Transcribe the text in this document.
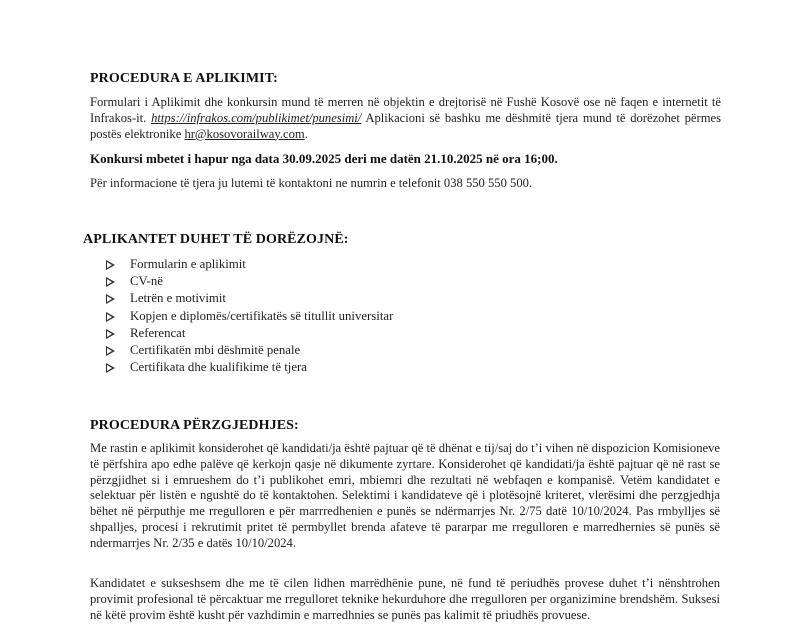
PROCEDURA E APLIKIMIT:
Formulari i Aplikimit dhe konkursin mund të merren në objektin e drejtorisë në Fushë Kosovë ose në faqen e internetit të Infrakos-it. https://infrakos.com/publikimet/punesimi/ Aplikacioni së bashku me dëshmitë tjera mund të dorëzohet përmes postës elektronike hr@kosovorailway.com.
Konkursi mbetet i hapur nga data 30.09.2025 deri me datën 21.10.2025 në ora 16;00.
Për informacione të tjera ju lutemi të kontaktoni ne numrin e telefonit 038 550 550 500.
APLIKANTET DUHET TË DORËZOJNË:
Formularin e aplikimit
CV-në
Letrën e motivimit
Kopjen e diplomës/certifikatës së titullit universitar
Referencat
Certifikatën mbi dëshmitë penale
Certifikata dhe kualifikime të tjera
PROCEDURA PËRZGJEDHJES:
Me rastin e aplikimit konsiderohet që kandidati/ja është pajtuar që të dhënat e tij/saj do t’i vihen në dispozicion Komisioneve të përfshira apo edhe palëve që kerkojn qasje në dikumente zyrtare. Konsiderohet që kandidati/ja është pajtuar që në rast se përzgjidhet si i emrueshem do t’i publikohet emri, mbiemri dhe rezultati në webfaqen e kompanisë. Vetëm kandidatet e selektuar për listën e ngushtë do të kontaktohen. Selektimi i kandidateve që i plotësojnë kriteret, vlerësimi dhe perzgjedhja bëhet në përputhje me rregulloren e për marrredhenien e punës se ndërmarrjes Nr. 2/75 datë 10/10/2024. Pas rmbylljes së shpalljes, procesi i rekrutimit pritet të permbyllet brenda afateve të pararpar me rregulloren e marredhernies së punës së ndermarrjes Nr. 2/35 e datës 10/10/2024.
Kandidatet e sukseshsem dhe me të cilen lidhen marrëdhënie pune, në fund të periudhës provese duhet t’i nënshtrohen provimit profesional të përcaktuar me rregulloret teknike hekurduhore dhe rregulloren per organizimine brendshëm. Suksesi në këtë provim është kusht për vazhdimin e marredhnies se punës pas kalimit të priudhës provuese.
